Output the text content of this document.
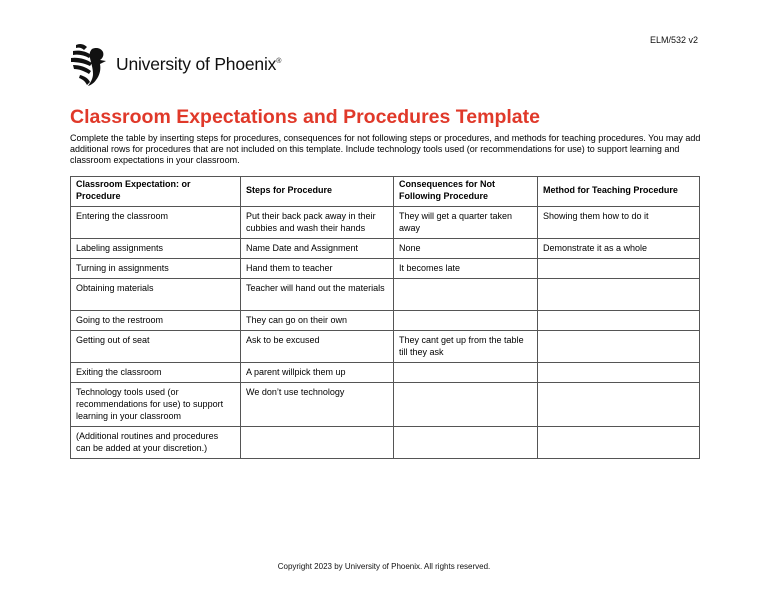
ELM/532 v2
University of Phoenix®
Classroom Expectations and Procedures Template

Complete the table by inserting steps for procedures, consequences for not following steps or procedures, and methods for teaching procedures. You may add additional rows for procedures that are not included on this template. Include technology tools used (or recommendations for use) to support learning and classroom expectations in your classroom.

Classroom Expectation: or Procedure	Steps for Procedure	Consequences for Not Following Procedure	Method for Teaching Procedure
Entering the classroom	Put their back pack away in their cubbies and wash their hands	They will get a quarter taken away	Showing them how to do it
Labeling assignments	Name Date and Assignment	None	Demonstrate it as a whole
Turning in assignments	Hand them to teacher	It becomes late	
Obtaining materials	Teacher will hand out the materials		
Going to the restroom	They can go on their own		
Getting out of seat	Ask to be excused	They cant get up from the table till they ask	
Exiting the classroom	A parent willpick them up		
Technology tools used (or recommendations for use) to support learning in your classroom	We don’t use technology		
(Additional routines and procedures can be added at your discretion.)			
Copyright 2023 by University of Phoenix. All rights reserved.
